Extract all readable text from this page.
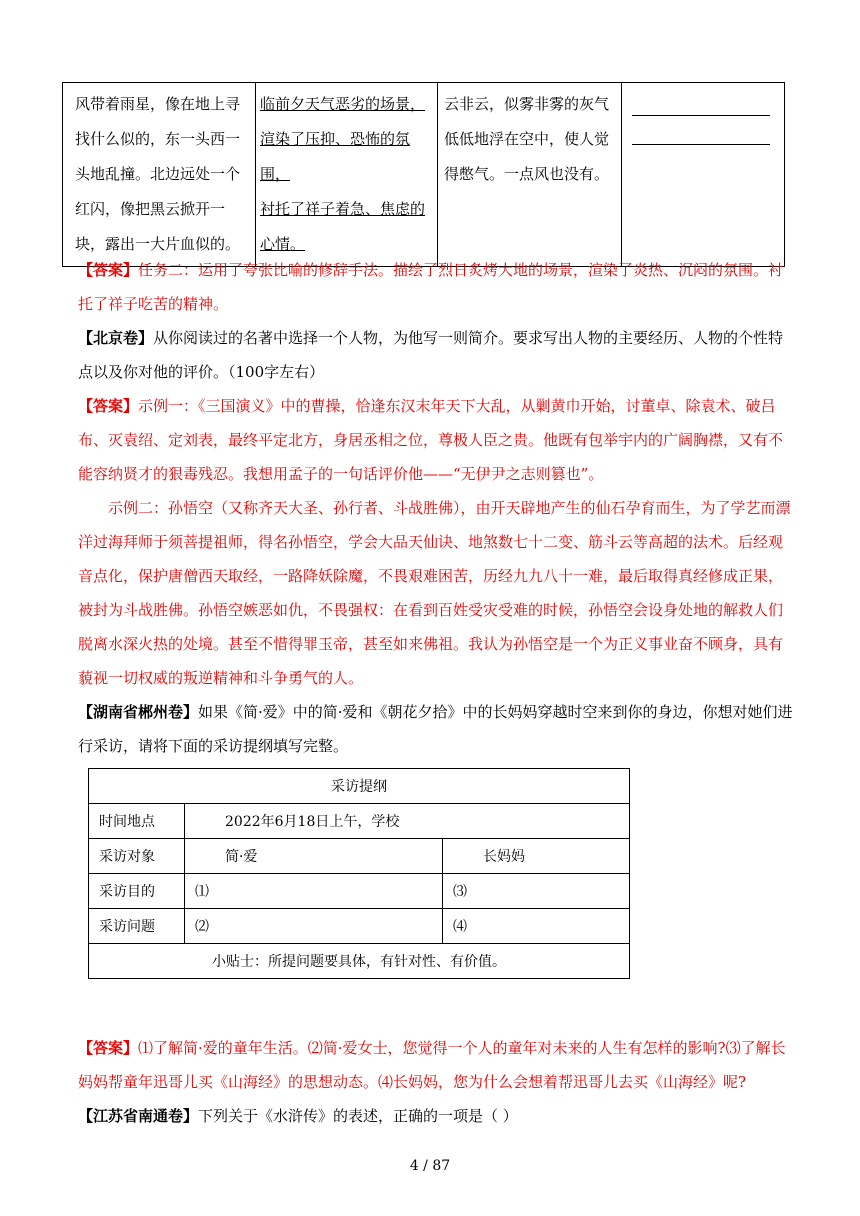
风带着雨星，像在地上寻找什么似的，东一头西一头地乱撞。北边远处一个红闪，像把黑云掀开一块，露出一大片血似的。	临前夕天气恶劣的场景，
渲染了压抑、恐怖的氛围，
衬托了祥子着急、焦虑的
心情。	云非云，似雾非雾的灰气低低地浮在空中，使人觉得憋气。一点风也没有。	
【答案】任务二：运用了夸张比喻的修辞手法。描绘了烈日炙烤大地的场景，渲染了炎热、沉闷的氛围。衬托了祥子吃苦的精神。
【北京卷】从你阅读过的名著中选择一个人物，为他写一则简介。要求写出人物的主要经历、人物的个性特点以及你对他的评价。（100字左右）
【答案】示例一：《三国演义》中的曹操，恰逢东汉末年天下大乱，从剿黄巾开始，讨董卓、除袁术、破吕布、灭袁绍、定刘表，最终平定北方，身居丞相之位，尊极人臣之贵。他既有包举宇内的广阔胸襟，又有不能容纳贤才的狠毒残忍。我想用孟子的一句话评价他——“无伊尹之志则篡也”。
示例二：孙悟空（又称齐天大圣、孙行者、斗战胜佛），由开天辟地产生的仙石孕育而生，为了学艺而漂洋过海拜师于须菩提祖师，得名孙悟空，学会大品天仙诀、地煞数七十二变、筋斗云等高超的法术。后经观音点化，保护唐僧西天取经，一路降妖除魔，不畏艰难困苦，历经九九八十一难，最后取得真经修成正果，被封为斗战胜佛。孙悟空嫉恶如仇，不畏强权：在看到百姓受灾受难的时候，孙悟空会设身处地的解救人们脱离水深火热的处境。甚至不惜得罪玉帝，甚至如来佛祖。我认为孙悟空是一个为正义事业奋不顾身，具有藐视一切权威的叛逆精神和斗争勇气的人。
【湖南省郴州卷】如果《简·爱》中的简·爱和《朝花夕拾》中的长妈妈穿越时空来到你的身边，你想对她们进行采访，请将下面的采访提纲填写完整。
采访提纲		
时间地点	2022年6月18日上午，学校	
采访对象	简·爱	长妈妈
采访目的	⑴	⑶
采访问题	⑵	⑷
小贴士：所提问题要具体，有针对性、有价值。		
【答案】⑴了解简·爱的童年生活。⑵简·爱女士，您觉得一个人的童年对未来的人生有怎样的影响?⑶了解长妈妈帮童年迅哥儿买《山海经》的思想动态。⑷长妈妈，您为什么会想着帮迅哥儿去买《山海经》呢?
【江苏省南通卷】下列关于《水浒传》的表述，正确的一项是（ ）
4 / 87
